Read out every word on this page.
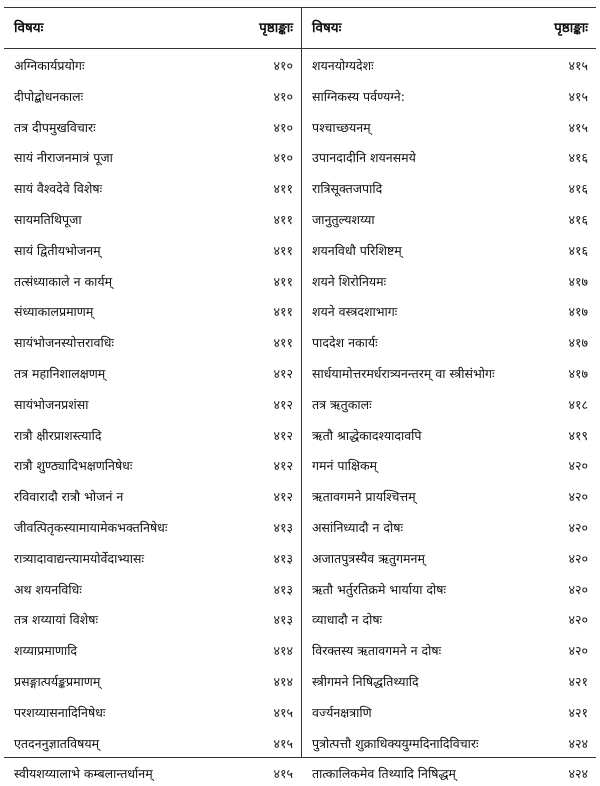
विषयः	पृष्ठाङ्काः
अग्निकार्यप्रयोगः	४१०
दीपोद्बोधनकालः	४१०
तत्र दीपमुखविचारः	४१०
सायं नीराजनमात्रं पूजा	४१०
सायं वैश्वदेवे विशेषः	४११
सायमतिथिपूजा	४११
सायं द्वितीयभोजनम्	४११
तत्संध्याकाले न कार्यम्	४११
संध्याकालप्रमाणम्	४११
सायंभोजनस्योत्तरावधिः	४११
तत्र महानिशालक्षणम्	४१२
सायंभोजनप्रशंसा	४१२
रात्रौ क्षीरप्राशस्त्यादि	४१२
रात्रौ शुण्ठ्यादिभक्षणनिषेधः	४१२
रविवारादौ रात्रौ भोजनं न	४१२
जीवत्पितृकस्यामायामेकभक्तनिषेधः	४१३
रात्र्यादावाद्यन्त्यामयोर्वेदाभ्यासः	४१३
अथ शयनविधिः	४१३
तत्र शय्यायां विशेषः	४१३
शय्याप्रमाणादि	४१४
प्रसङ्गात्पर्यङ्कप्रमाणम्	४१४
परशय्यासनादिनिषेधः	४१५
एतदननुज्ञातविषयम्	४१५
स्वीयशय्यालाभे कम्बलान्तर्धानम्	४१५
विषयः	पृष्ठाङ्काः
शयनयोग्यदेशः	४१५
साग्निकस्य पर्वण्यग्ने:	४१५
पश्चाच्छयनम्	४१५
उपानदादीनि शयनसमये	४१६
रात्रिसूक्तजपादि	४१६
जानुतुल्यशय्या	४१६
शयनविधौ परिशिष्टम्	४१६
शयने शिरोनियमः	४१७
शयने वस्त्रदशाभागः	४१७
पाददेश नकार्यः	४१७
सार्धयामोत्तरमर्धरात्र्यनन्तरम् वा स्त्रीसंभोगः	४१७
तत्र ऋतुकालः	४१८
ऋतौ श्राद्धेकादश्यादावपि	४१९
गमनं पाक्षिकम्	४२०
ऋतावगमने प्रायश्चित्तम्	४२०
असांनिध्यादौ न दोषः	४२०
अजातपुत्रस्यैव ऋतुगमनम्	४२०
ऋतौ भर्तुरतिक्रमे भार्याया दोषः	४२०
व्याधादौ न दोषः	४२०
विरक्तस्य ऋतावगमने न दोषः	४२०
स्त्रीगमने निषिद्धतिथ्यादि	४२१
वर्ज्यनक्षत्राणि	४२१
पुत्रोत्पत्तौ शुक्राधिक्ययुग्मदिनादिविचारः	४२४
तात्कालिकमेव तिथ्यादि निषिद्धम्	४२४
